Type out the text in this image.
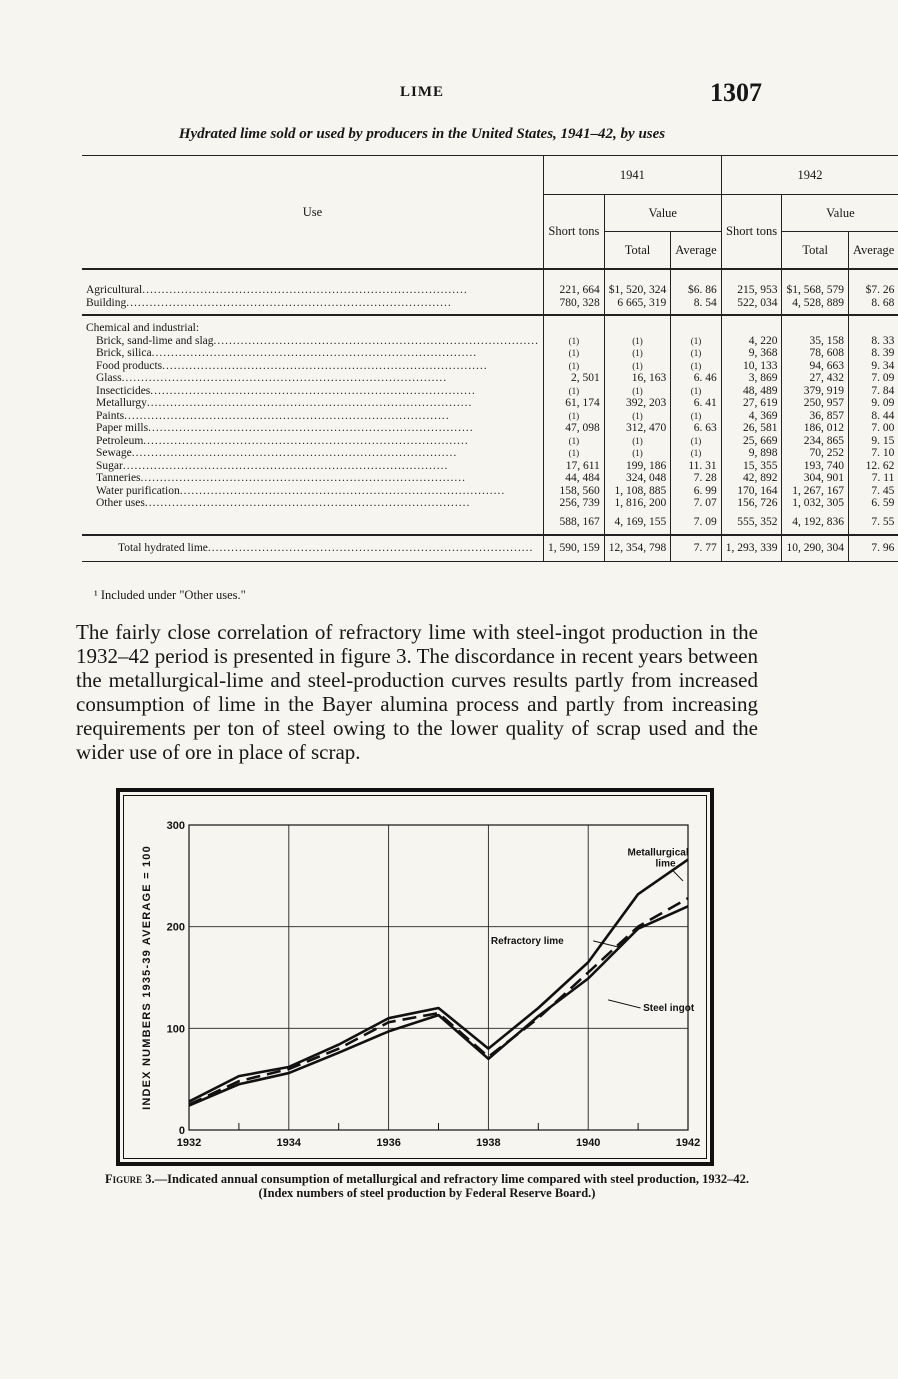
LIME	1307
Hydrated lime sold or used by producers in the United States, 1941–42, by uses
Use	1941			1942		
	Short tons	Value		Short tons	Value	
		Total	Average		Total	Average
Agricultural .....	221, 664	$1, 520, 324	$6. 86	215, 953	$1, 568, 579	$7. 26
Building .....	780, 328	6 665, 319	8. 54	522, 034	4, 528, 889	8. 68

Chemical and industrial:						
Brick, sand-lime and slag .....	(1)	(1)	(1)	4, 220	35, 158	8. 33
Brick, silica .....	(1)	(1)	(1)	9, 368	78, 608	8. 39
Food products .....	(1)	(1)	(1)	10, 133	94, 663	9. 34
Glass .....	2, 501	16, 163	6. 46	3, 869	27, 432	7. 09
Insecticides .....	(1)	(1)	(1)	48, 489	379, 919	7. 84
Metallurgy .....	61, 174	392, 203	6. 41	27, 619	250, 957	9. 09
Paints .....	(1)	(1)	(1)	4, 369	36, 857	8. 44
Paper mills .....	47, 098	312, 470	6. 63	26, 581	186, 012	7. 00
Petroleum .....	(1)	(1)	(1)	25, 669	234, 865	9. 15
Sewage .....	(1)	(1)	(1)	9, 898	70, 252	7. 10
Sugar .....	17, 611	199, 186	11. 31	15, 355	193, 740	12. 62
Tanneries .....	44, 484	324, 048	7. 28	42, 892	304, 901	7. 11
Water purification .....	158, 560	1, 108, 885	6. 99	170, 164	1, 267, 167	7. 45
Other uses .....	256, 739	1, 816, 200	7. 07	156, 726	1, 032, 305	6. 59
	588, 167	4, 169, 155	7. 09	555, 352	4, 192, 836	7. 55
Total hydrated lime .....	1, 590, 159	12, 354, 798	7. 77	1, 293, 339	10, 290, 304	7. 96
¹ Included under "Other uses."
The fairly close correlation of refractory lime with steel-ingot production in the 1932–42 period is presented in figure 3. The discordance in recent years between the metallurgical-lime and steel-production curves results partly from increased consumption of lime in the Bayer alumina process and partly from increasing requirements per ton of steel owing to the lower quality of scrap used and the wider use of ore in place of scrap.
1932	1934	1936	1938	1940	1942
0
100
200
300
INDEX NUMBERS 1935-39 AVERAGE = 100	Metallurgical
lime
Refractory lime
Steel ingot
Figure 3.—Indicated annual consumption of metallurgical and refractory lime compared with steel production, 1932–42. (Index numbers of steel production by Federal Reserve Board.)
